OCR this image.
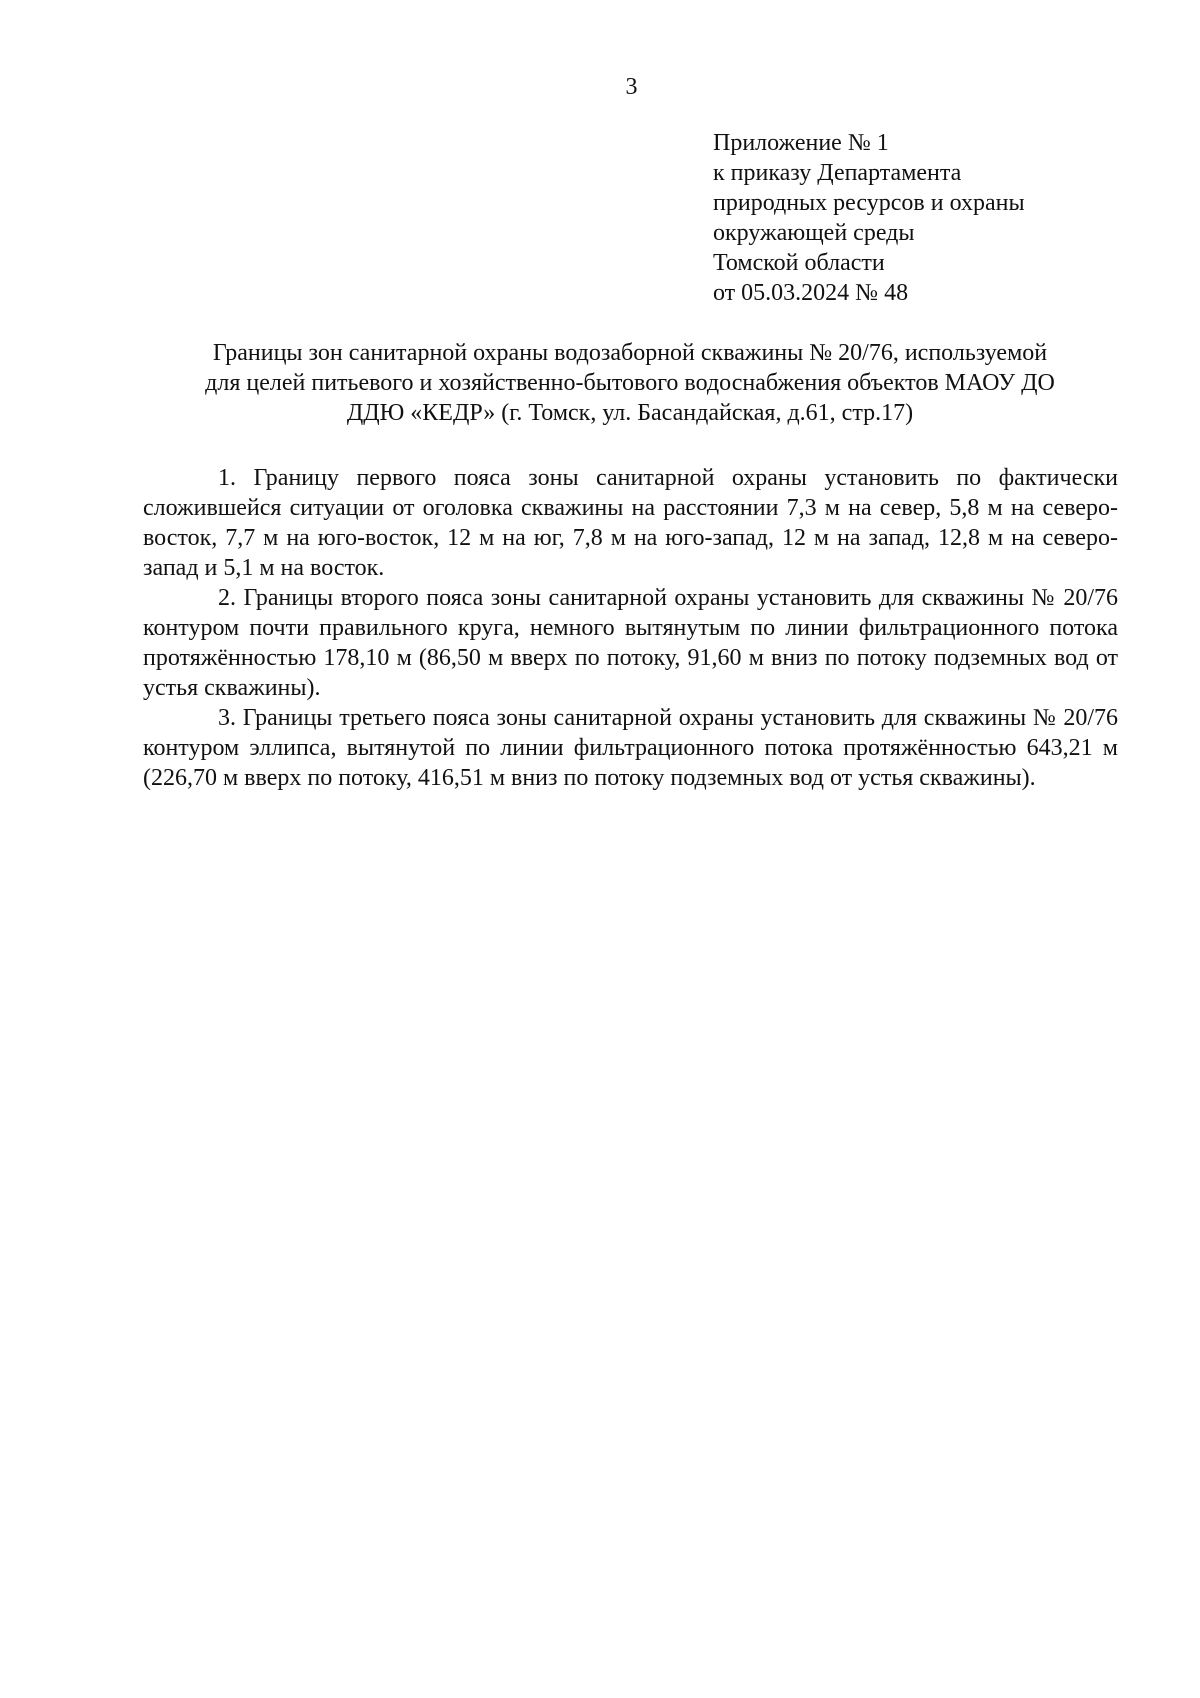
3
Приложение № 1
к приказу Департамента
природных ресурсов и охраны
окружающей среды
Томской области
от 05.03.2024 № 48
Границы зон санитарной охраны водозаборной скважины № 20/76, используемой
для целей питьевого и хозяйственно-бытового водоснабжения объектов МАОУ ДО
ДДЮ «КЕДР» (г. Томск, ул. Басандайская, д.61, стр.17)

1. Границу первого пояса зоны санитарной охраны установить по фактически сложившейся ситуации от оголовка скважины на расстоянии 7,3 м на север, 5,8 м на северо-восток, 7,7 м на юго-восток, 12 м на юг, 7,8 м на юго-запад, 12 м на запад, 12,8 м на северо-запад и 5,1 м на восток.

2. Границы второго пояса зоны санитарной охраны установить для скважины № 20/76 контуром почти правильного круга, немного вытянутым по линии фильтрационного потока протяжённостью 178,10 м (86,50 м вверх по потоку, 91,60 м вниз по потоку подземных вод от устья скважины).

3. Границы третьего пояса зоны санитарной охраны установить для скважины № 20/76 контуром эллипса, вытянутой по линии фильтрационного потока протяжённостью 643,21 м (226,70 м вверх по потоку, 416,51 м вниз по потоку подземных вод от устья скважины).
